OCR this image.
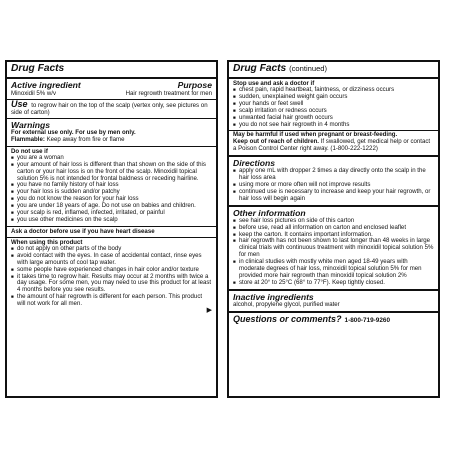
Drug Facts
Active ingredient	Purpose
Minoxidil 5% w/v	Hair regrowth treatment for men
Use to regrow hair on the top of the scalp (vertex only, see pictures on side of carton)
Warnings
For external use only. For use by men only.
Flammable: Keep away from fire or flame
Do not use if
■ you are a woman
■ your amount of hair loss is different than that shown on the side of this carton or your hair loss is on the front of the scalp. Minoxidil topical solution 5% is not intended for frontal baldness or receding hairline.
■ you have no family history of hair loss
■ your hair loss is sudden and/or patchy
■ you do not know the reason for your hair loss
■ you are under 18 years of age. Do not use on babies and children.
■ your scalp is red, inflamed, infected, irritated, or painful
■ you use other medicines on the scalp
Ask a doctor before use if you have heart disease
When using this product
■ do not apply on other parts of the body
■ avoid contact with the eyes. In case of accidental contact, rinse eyes with large amounts of cool tap water.
■ some people have experienced changes in hair color and/or texture
■ it takes time to regrow hair. Results may occur at 2 months with twice a day usage. For some men, you may need to use this product for at least 4 months before you see results.
■ the amount of hair regrowth is different for each person. This product will not work for all men.
▶
Drug Facts (continued)
Stop use and ask a doctor if
■ chest pain, rapid heartbeat, faintness, or dizziness occurs
■ sudden, unexplained weight gain occurs
■ your hands or feet swell
■ scalp irritation or redness occurs
■ unwanted facial hair growth occurs
■ you do not see hair regrowth in 4 months
May be harmful if used when pregnant or breast-feeding.
Keep out of reach of children. If swallowed, get medical help or contact a Poison Control Center right away. (1-800-222-1222)
Directions
■ apply one mL with dropper 2 times a day directly onto the scalp in the hair loss area
■ using more or more often will not improve results
■ continued use is necessary to increase and keep your hair regrowth, or hair loss will begin again
Other information
■ see hair loss pictures on side of this carton
■ before use, read all information on carton and enclosed leaflet
■ keep the carton. It contains important information.
■ hair regrowth has not been shown to last longer than 48 weeks in large clinical trials with continuous treatment with minoxidil topical solution 5% for men
■ in clinical studies with mostly white men aged 18-49 years with moderate degrees of hair loss, minoxidil topical solution 5% for men provided more hair regrowth than minoxidil topical solution 2%
■ store at 20° to 25°C (68° to 77°F). Keep tightly closed.
Inactive ingredients
alcohol, propylene glycol, purified water
Questions or comments? 1-800-719-9260
